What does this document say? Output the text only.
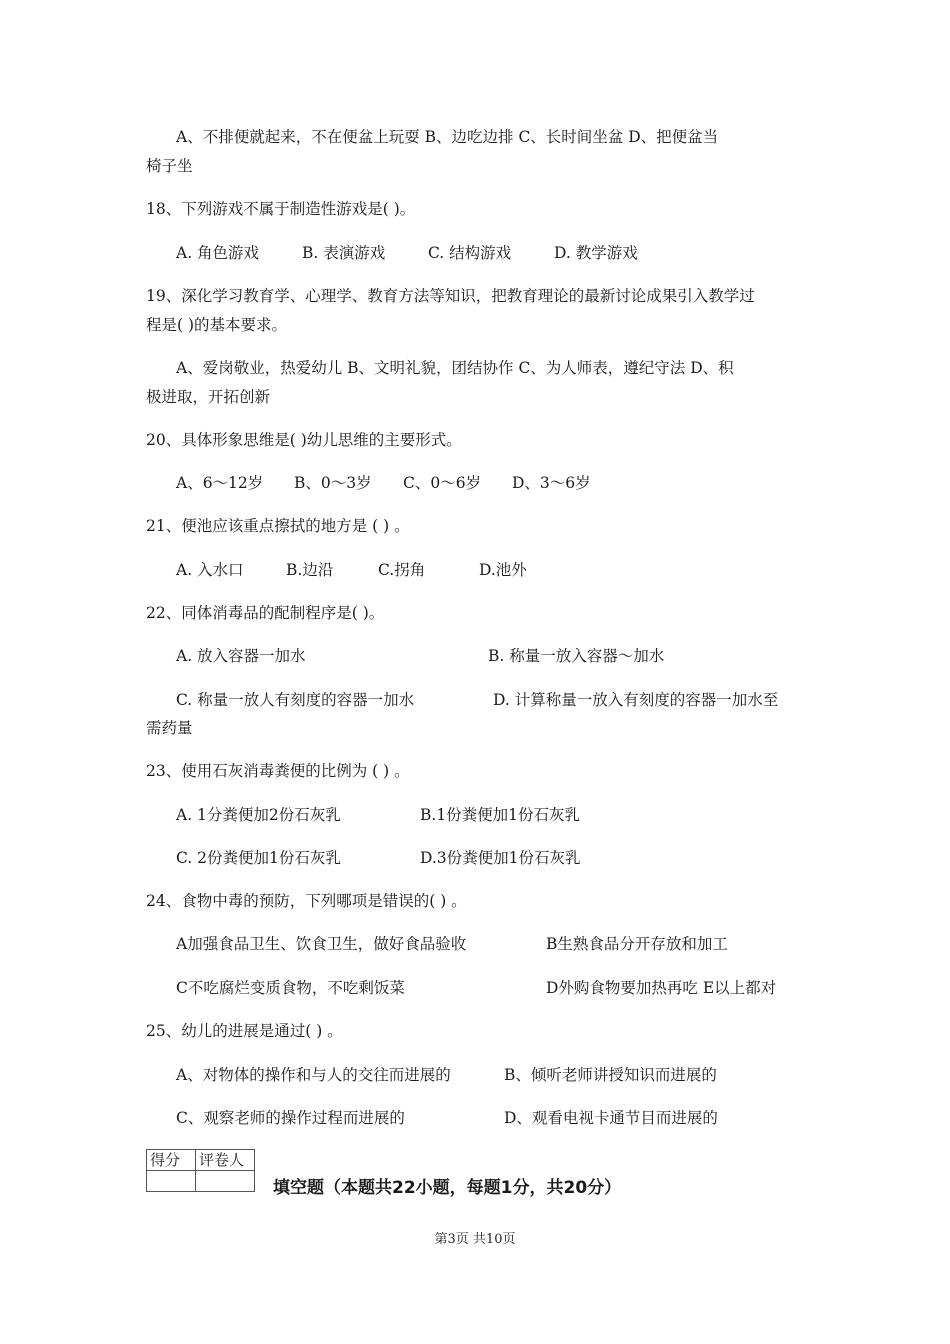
A、不排便就起来，不在便盆上玩耍 B、边吃边排 C、长时间坐盆 D、把便盆当
椅子坐
18、下列游戏不属于制造性游戏是( )。
A. 角色游戏	B. 表演游戏	C. 结构游戏	D. 教学游戏
19、深化学习教育学、心理学、教育方法等知识，把教育理论的最新讨论成果引入教学过
程是( )的基本要求。
A、爱岗敬业，热爱幼儿 B、文明礼貌，团结协作 C、为人师表，遵纪守法 D、积
极进取，开拓创新
20、具体形象思维是( )幼儿思维的主要形式。
A、6～12岁 B、0～3岁 C、0～6岁 D、3～6岁
21、便池应该重点擦拭的地方是 ( ) 。
A. 入水口	B.边沿	C.拐角	D.池外
22、同体消毒品的配制程序是( )。
A. 放入容器一加水	B. 称量一放入容器～加水
C. 称量一放人有刻度的容器一加水	D. 计算称量一放入有刻度的容器一加水至
需药量
23、使用石灰消毒粪便的比例为 ( ) 。
A. 1分粪便加2份石灰乳	B.1份粪便加1份石灰乳
C. 2份粪便加1份石灰乳	D.3份粪便加1份石灰乳
24、食物中毒的预防，下列哪项是错误的( ) 。
A加强食品卫生、饮食卫生，做好食品验收	B生熟食品分开存放和加工
C不吃腐烂变质食物，不吃剩饭菜	D外购食物要加热再吃 E以上都对
25、幼儿的进展是通过( ) 。
A、对物体的操作和与人的交往而进展的	B、倾听老师讲授知识而进展的
C、观察老师的操作过程而进展的	D、观看电视卡通节目而进展的
得分	评卷人

填空题（本题共22小题，每题1分，共20分）
第3页 共10页
